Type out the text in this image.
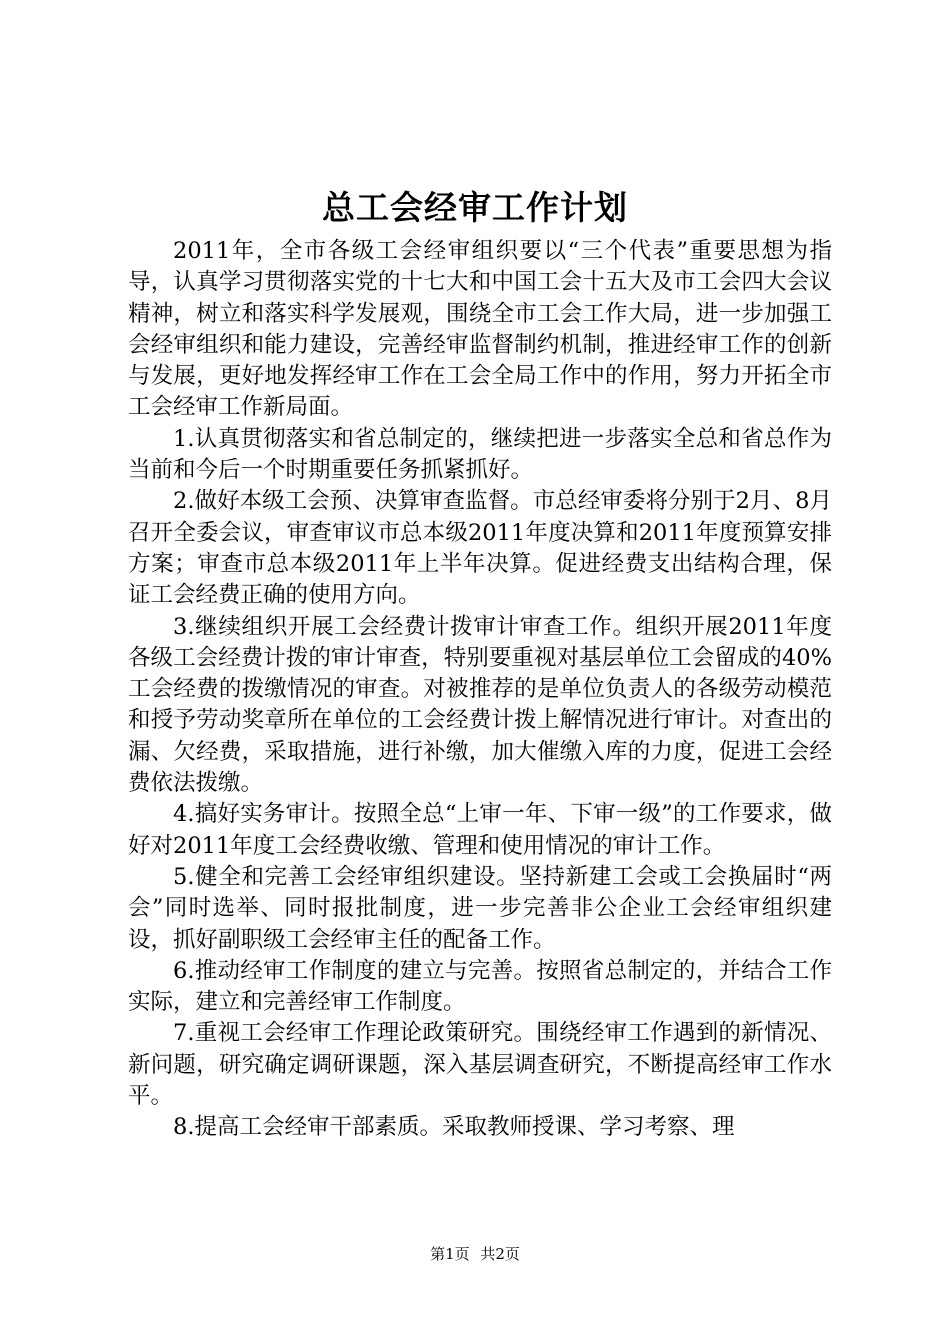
总工会经审工作计划

2011年，全市各级工会经审组织要以“三个代表”重要思想为指导，认真学习贯彻落实党的十七大和中国工会十五大及市工会四大会议精神，树立和落实科学发展观，围绕全市工会工作大局，进一步加强工会经审组织和能力建设，完善经审监督制约机制，推进经审工作的创新与发展，更好地发挥经审工作在工会全局工作中的作用，努力开拓全市工会经审工作新局面。

1.认真贯彻落实和省总制定的，继续把进一步落实全总和省总作为当前和今后一个时期重要任务抓紧抓好。

2.做好本级工会预、决算审查监督。市总经审委将分别于2月、8月召开全委会议，审查审议市总本级2011年度决算和2011年度预算安排方案；审查市总本级2011年上半年决算。促进经费支出结构合理，保证工会经费正确的使用方向。

3.继续组织开展工会经费计拨审计审查工作。组织开展2011年度各级工会经费计拨的审计审查，特别要重视对基层单位工会留成的40%工会经费的拨缴情况的审查。对被推荐的是单位负责人的各级劳动模范和授予劳动奖章所在单位的工会经费计拨上解情况进行审计。对查出的漏、欠经费，采取措施，进行补缴，加大催缴入库的力度，促进工会经费依法拨缴。

4.搞好实务审计。按照全总“上审一年、下审一级”的工作要求，做好对2011年度工会经费收缴、管理和使用情况的审计工作。

5.健全和完善工会经审组织建设。坚持新建工会或工会换届时“两会”同时选举、同时报批制度，进一步完善非公企业工会经审组织建设，抓好副职级工会经审主任的配备工作。

6.推动经审工作制度的建立与完善。按照省总制定的，并结合工作实际，建立和完善经审工作制度。

7.重视工会经审工作理论政策研究。围绕经审工作遇到的新情况、新问题，研究确定调研课题，深入基层调查研究，不断提高经审工作水平。

8.提高工会经审干部素质。采取教师授课、学习考察、理

第1页 共2页
